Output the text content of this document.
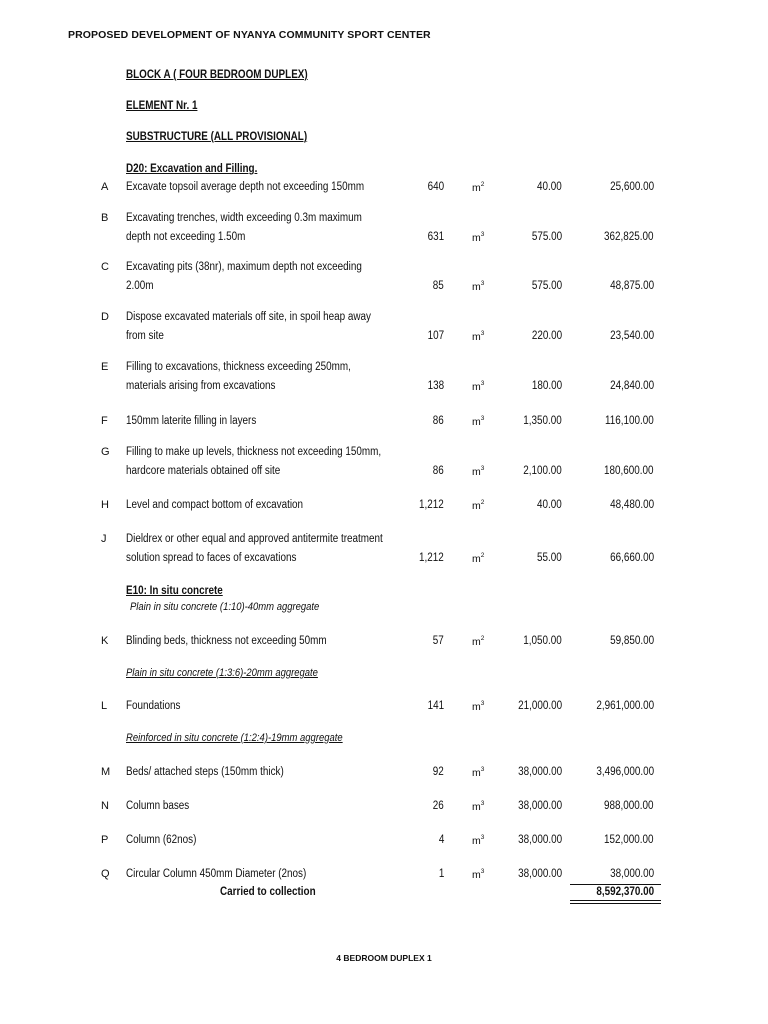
PROPOSED DEVELOPMENT OF NYANYA COMMUNITY SPORT CENTER
BLOCK A ( FOUR BEDROOM DUPLEX)
ELEMENT Nr. 1
SUBSTRUCTURE (ALL PROVISIONAL)
D20: Excavation and Filling.
E10: In situ concrete
Plain in situ concrete (1:10)-40mm aggregate
Plain in situ concrete (1:3:6)-20mm aggregate
Reinforced in situ concrete (1:2:4)-19mm aggregate
A Excavate topsoil average depth not exceeding 150mm	640	$m^2$	40.00	25,600.00
B Excavating trenches, width exceeding 0.3m maximum
depth not exceeding 1.50m	631	$m^3$	575.00	362,825.00
C Excavating pits (38nr), maximum depth not exceeding
2.00m	85	$m^3$	575.00	48,875.00
D Dispose excavated materials off site, in spoil heap away
from site	107	$m^3$	220.00	23,540.00
E Filling to excavations, thickness exceeding 250mm,
materials arising from excavations	138	$m^3$	180.00	24,840.00
F 150mm laterite filling in layers	86	$m^3$	1,350.00	116,100.00
G Filling to make up levels, thickness not exceeding 150mm,
hardcore materials obtained off site	86	$m^3$	2,100.00	180,600.00
H Level and compact bottom of excavation	1,212	$m^2$	40.00	48,480.00
J Dieldrex or other equal and approved antitermite treatment
solution spread to faces of excavations	1,212	$m^2$	55.00	66,660.00
K Blinding beds, thickness not exceeding 50mm	57	$m^2$	1,050.00	59,850.00
L Foundations	141	$m^3$	21,000.00	2,961,000.00
M Beds/ attached steps (150mm thick)	92	$m^3$	38,000.00	3,496,000.00
N Column bases	26	$m^3$	38,000.00	988,000.00
P Column (62nos)	4	$m^3$	38,000.00	152,000.00
Q Circular Column 450mm Diameter (2nos)	1	$m^3$	38,000.00	38,000.00
Carried to collection	8,592,370.00
4 BEDROOM DUPLEX 1
